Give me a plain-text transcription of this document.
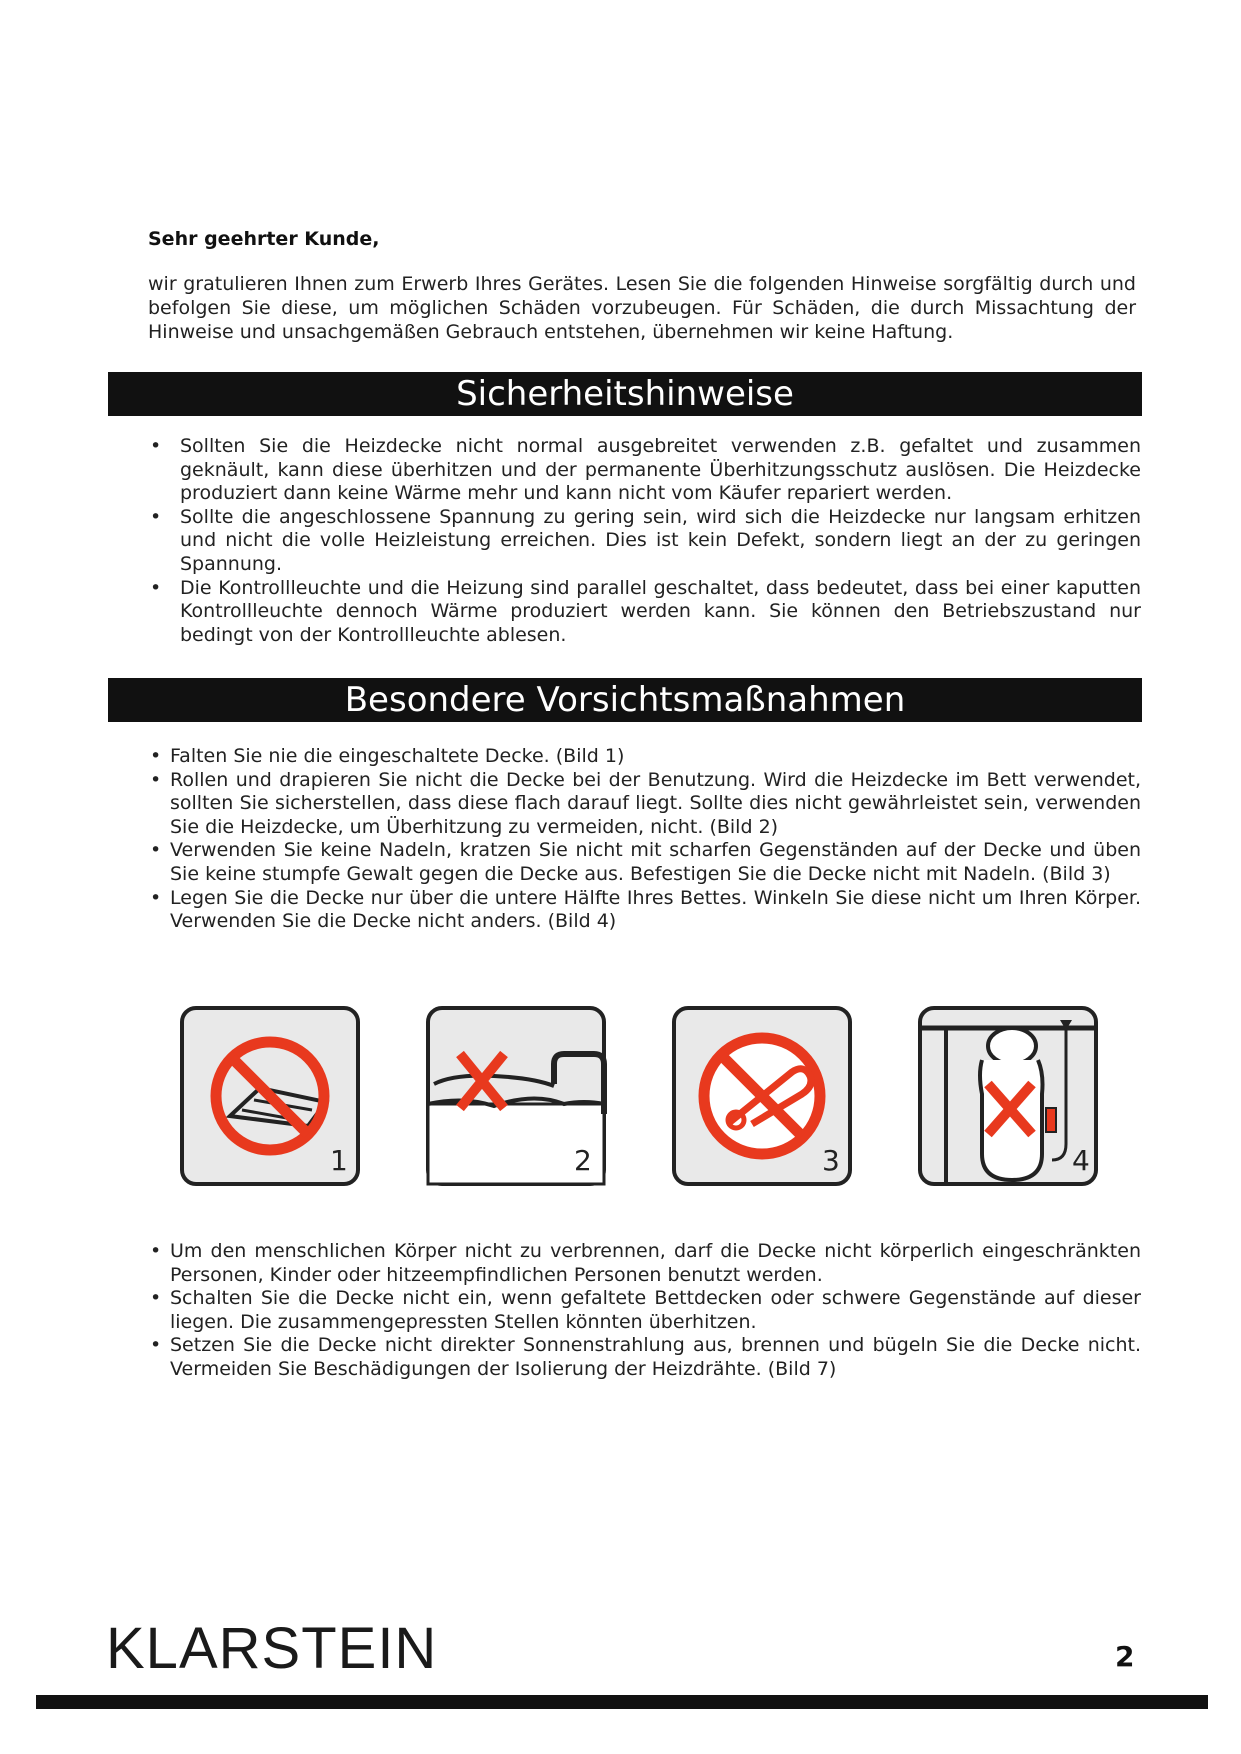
Sehr geehrter Kunde,

wir gratulieren Ihnen zum Erwerb Ihres Gerätes. Lesen Sie die folgenden Hinweise sorgfältig durch und befolgen Sie diese, um möglichen Schäden vorzubeugen. Für Schäden, die durch Missachtung der Hinweise und unsachgemäßen Gebrauch entstehen, übernehmen wir keine Haftung.

Sicherheitshinweise
• Sollten Sie die Heizdecke nicht normal ausgebreitet verwenden z.B. gefaltet und zusammen geknäult, kann diese überhitzen und der permanente Überhitzungsschutz auslösen. Die Heizdecke produziert dann keine Wärme mehr und kann nicht vom Käufer repariert werden.
• Sollte die angeschlossene Spannung zu gering sein, wird sich die Heizdecke nur langsam erhitzen und nicht die volle Heizleistung erreichen. Dies ist kein Defekt, sondern liegt an der zu geringen Spannung.
• Die Kontrollleuchte und die Heizung sind parallel geschaltet, dass bedeutet, dass bei einer kaputten Kontrollleuchte dennoch Wärme produziert werden kann. Sie können den Betriebszustand nur bedingt von der Kontrollleuchte ablesen.
Besondere Vorsichtsmaßnahmen
• Falten Sie nie die eingeschaltete Decke. (Bild 1)
• Rollen und drapieren Sie nicht die Decke bei der Benutzung. Wird die Heizdecke im Bett verwendet, sollten Sie sicherstellen, dass diese flach darauf liegt. Sollte dies nicht gewährleistet sein, verwenden Sie die Heizdecke, um Überhitzung zu vermeiden, nicht. (Bild 2)
• Verwenden Sie keine Nadeln, kratzen Sie nicht mit scharfen Gegenständen auf der Decke und üben Sie keine stumpfe Gewalt gegen die Decke aus. Befestigen Sie die Decke nicht mit Nadeln. (Bild 3)
• Legen Sie die Decke nur über die untere Hälfte Ihres Bettes. Winkeln Sie diese nicht um Ihren Körper. Verwenden Sie die Decke nicht anders. (Bild 4)
1	2	3	4
• Um den menschlichen Körper nicht zu verbrennen, darf die Decke nicht körperlich eingeschränkten Personen, Kinder oder hitzeempfindlichen Personen benutzt werden.
• Schalten Sie die Decke nicht ein, wenn gefaltete Bettdecken oder schwere Gegenstände auf dieser liegen. Die zusammengepressten Stellen könnten überhitzen.
• Setzen Sie die Decke nicht direkter Sonnenstrahlung aus, brennen und bügeln Sie die Decke nicht. Vermeiden Sie Beschädigungen der Isolierung der Heizdrähte. (Bild 7)
KLARSTEIN	2
